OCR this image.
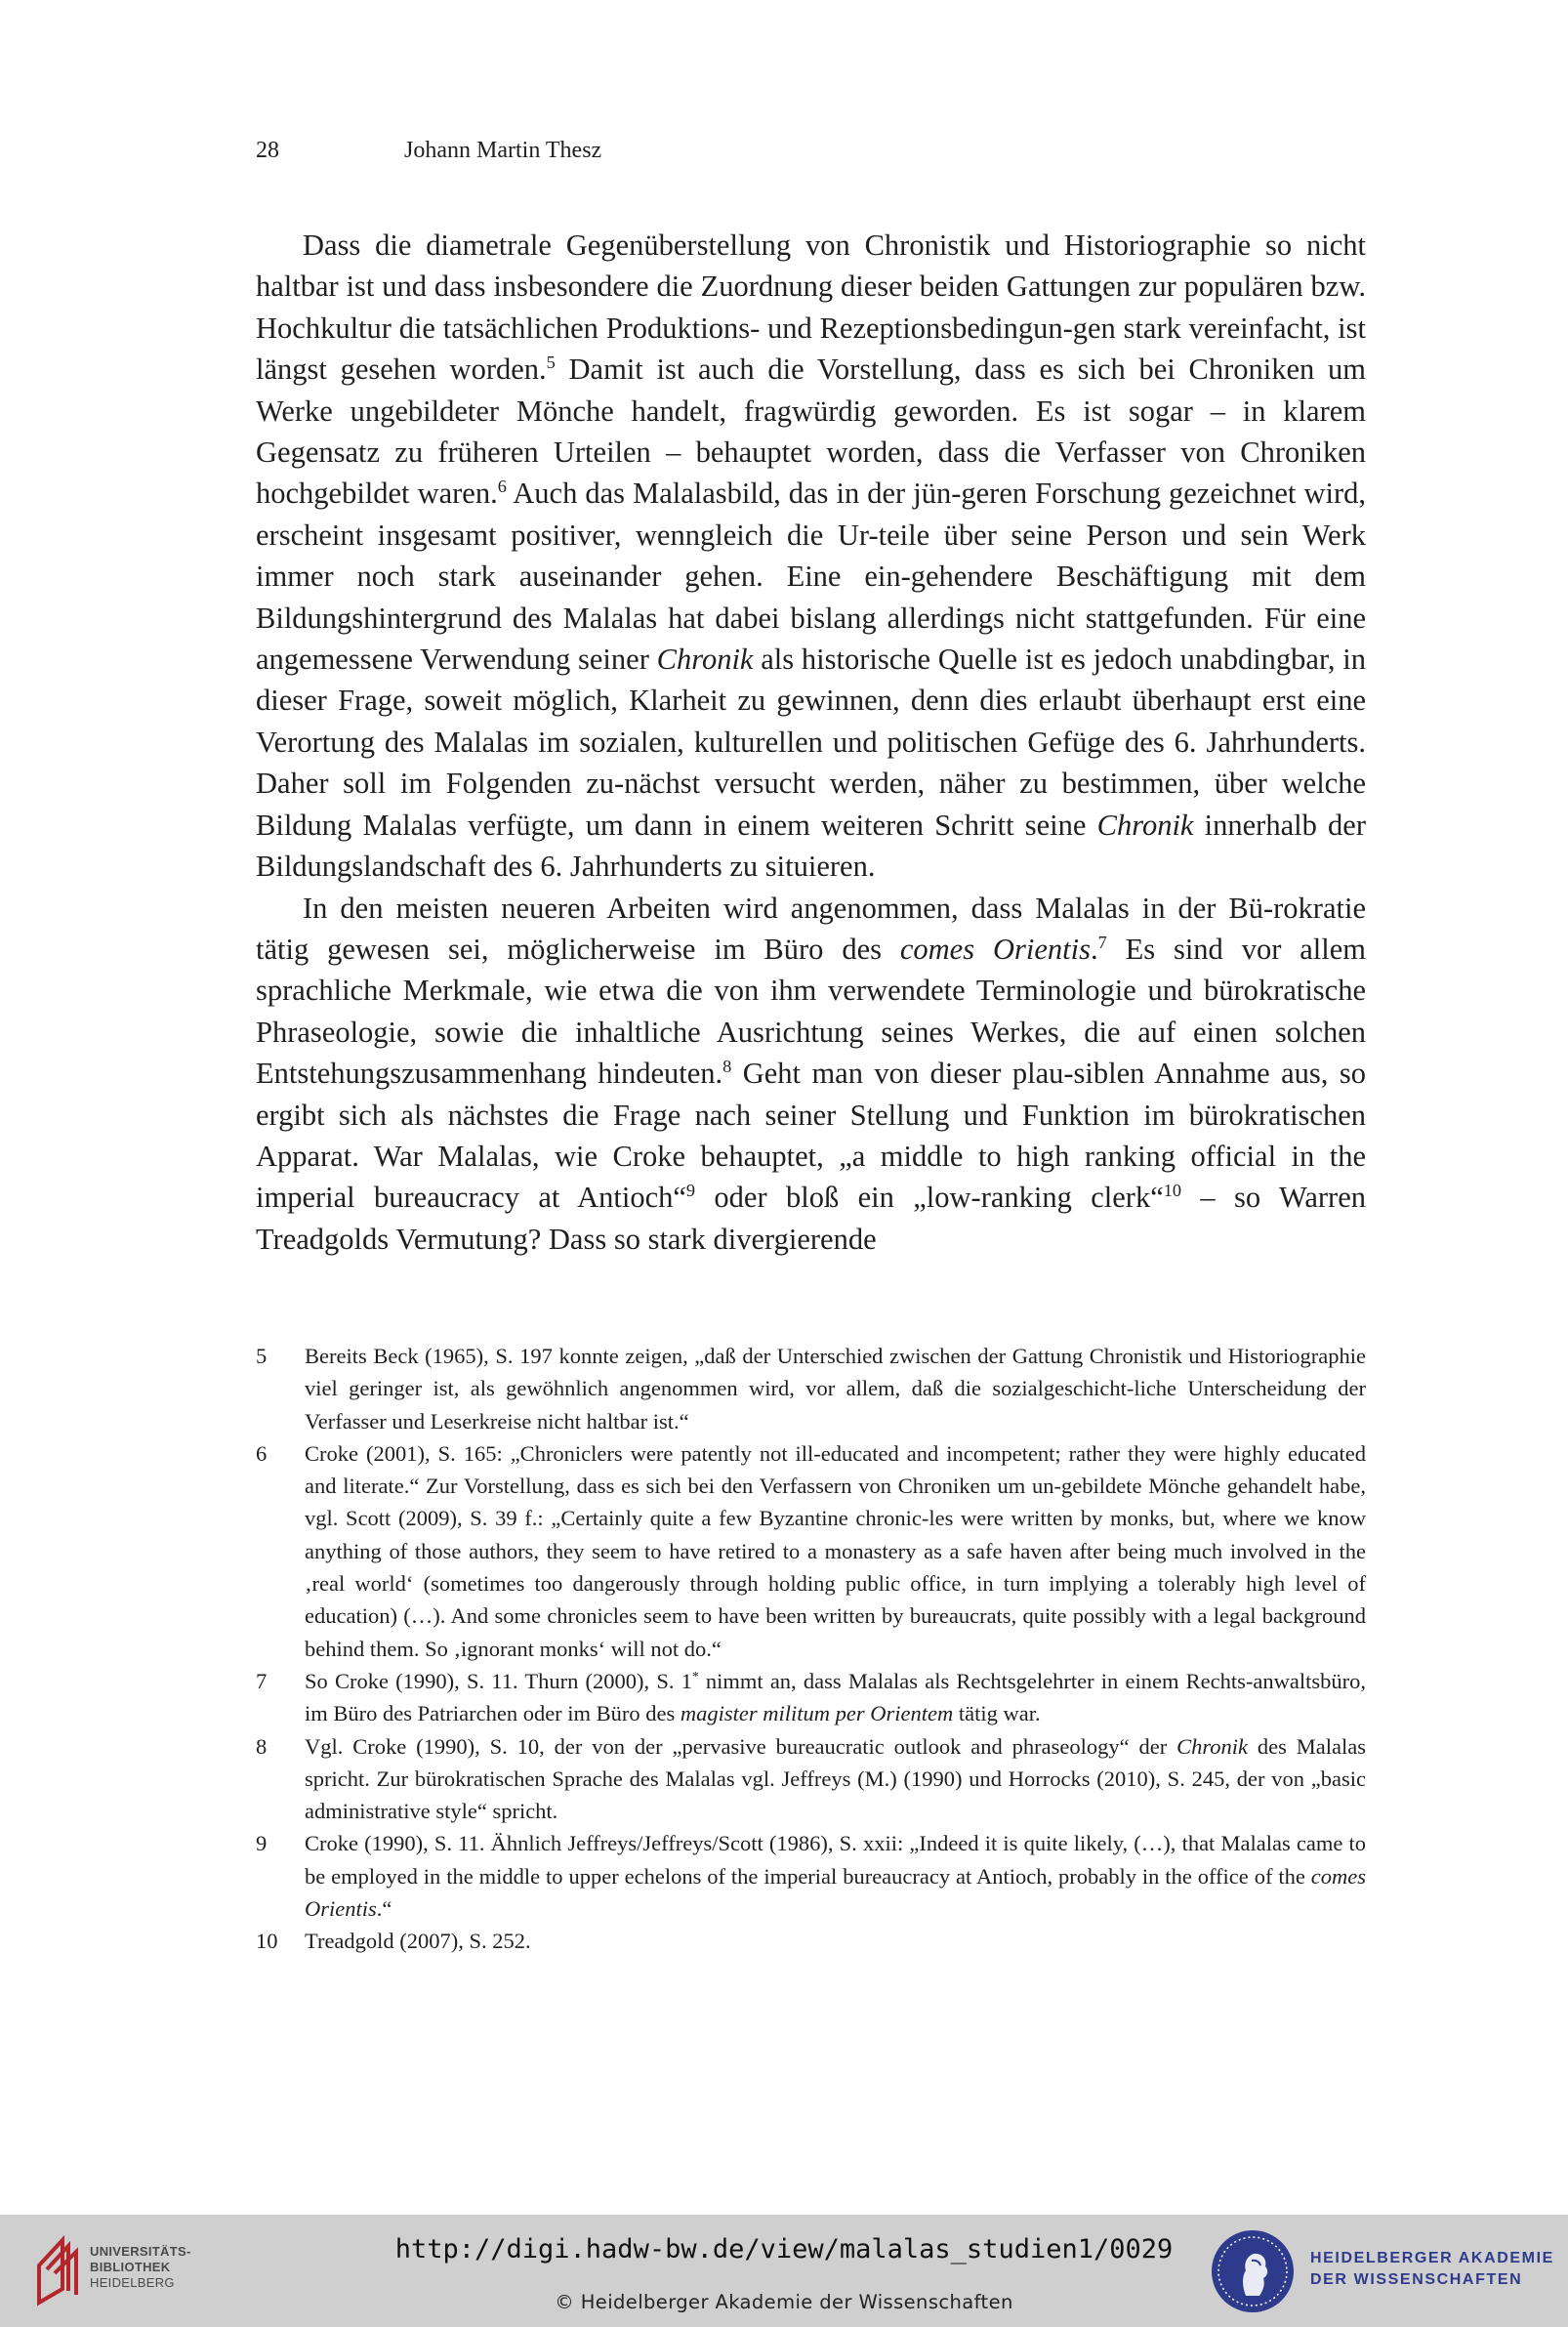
28	Johann Martin Thesz

Dass die diametrale Gegenüberstellung von Chronistik und Historiographie so nicht haltbar ist und dass insbesondere die Zuordnung dieser beiden Gattungen zur populären bzw. Hochkultur die tatsächlichen Produktions- und Rezeptionsbedingun-gen stark vereinfacht, ist längst gesehen worden.$^5$ Damit ist auch die Vorstellung, dass es sich bei Chroniken um Werke ungebildeter Mönche handelt, fragwürdig geworden. Es ist sogar – in klarem Gegensatz zu früheren Urteilen – behauptet worden, dass die Verfasser von Chroniken hochgebildet waren.$^6$ Auch das Malalasbild, das in der jün-geren Forschung gezeichnet wird, erscheint insgesamt positiver, wenngleich die Ur-teile über seine Person und sein Werk immer noch stark auseinander gehen. Eine ein-gehendere Beschäftigung mit dem Bildungshintergrund des Malalas hat dabei bislang allerdings nicht stattgefunden. Für eine angemessene Verwendung seiner Chronik als historische Quelle ist es jedoch unabdingbar, in dieser Frage, soweit möglich, Klarheit zu gewinnen, denn dies erlaubt überhaupt erst eine Verortung des Malalas im sozialen, kulturellen und politischen Gefüge des 6. Jahrhunderts. Daher soll im Folgenden zu-nächst versucht werden, näher zu bestimmen, über welche Bildung Malalas verfügte, um dann in einem weiteren Schritt seine Chronik innerhalb der Bildungslandschaft des 6. Jahrhunderts zu situieren.

In den meisten neueren Arbeiten wird angenommen, dass Malalas in der Bü-rokratie tätig gewesen sei, möglicherweise im Büro des comes Orientis.$^7$ Es sind vor allem sprachliche Merkmale, wie etwa die von ihm verwendete Terminologie und bürokratische Phraseologie, sowie die inhaltliche Ausrichtung seines Werkes, die auf einen solchen Entstehungszusammenhang hindeuten.$^8$ Geht man von dieser plau-siblen Annahme aus, so ergibt sich als nächstes die Frage nach seiner Stellung und Funktion im bürokratischen Apparat. War Malalas, wie Croke behauptet, „a middle to high ranking official in the imperial bureaucracy at Antioch“$^9$ oder bloß ein „low-ranking clerk“$^{10}$ – so Warren Treadgolds Vermutung? Dass so stark divergierende

5	Bereits Beck (1965), S. 197 konnte zeigen, „daß der Unterschied zwischen der Gattung Chronistik und Historiographie viel geringer ist, als gewöhnlich angenommen wird, vor allem, daß die sozialgeschicht-liche Unterscheidung der Verfasser und Leserkreise nicht haltbar ist.“
6	Croke (2001), S. 165: „Chroniclers were patently not ill-educated and incompetent; rather they were highly educated and literate.“ Zur Vorstellung, dass es sich bei den Verfassern von Chroniken um un-gebildete Mönche gehandelt habe, vgl. Scott (2009), S. 39 f.: „Certainly quite a few Byzantine chronic-les were written by monks, but, where we know anything of those authors, they seem to have retired to a monastery as a safe haven after being much involved in the ‚real world‘ (sometimes too dangerously through holding public office, in turn implying a tolerably high level of education) (…). And some chronicles seem to have been written by bureaucrats, quite possibly with a legal background behind them. So ‚ignorant monks‘ will not do.“
7	So Croke (1990), S. 11. Thurn (2000), S. 1* nimmt an, dass Malalas als Rechtsgelehrter in einem Rechts-anwaltsbüro, im Büro des Patriarchen oder im Büro des magister militum per Orientem tätig war.
8	Vgl. Croke (1990), S. 10, der von der „pervasive bureaucratic outlook and phraseology“ der Chronik des Malalas spricht. Zur bürokratischen Sprache des Malalas vgl. Jeffreys (M.) (1990) und Horrocks (2010), S. 245, der von „basic administrative style“ spricht.
9	Croke (1990), S. 11. Ähnlich Jeffreys/Jeffreys/Scott (1986), S. xxii: „Indeed it is quite likely, (…), that Malalas came to be employed in the middle to upper echelons of the imperial bureaucracy at Antioch, probably in the office of the comes Orientis.“
10	Treadgold (2007), S. 252.
UNIVERSITÄTS-
BIBLIOTHEK
HEIDELBERG
http://digi.hadw-bw.de/view/malalas_studien1/0029
© Heidelberger Akademie der Wissenschaften
HEIDELBERGER AKADEMIE
DER WISSENSCHAFTEN
